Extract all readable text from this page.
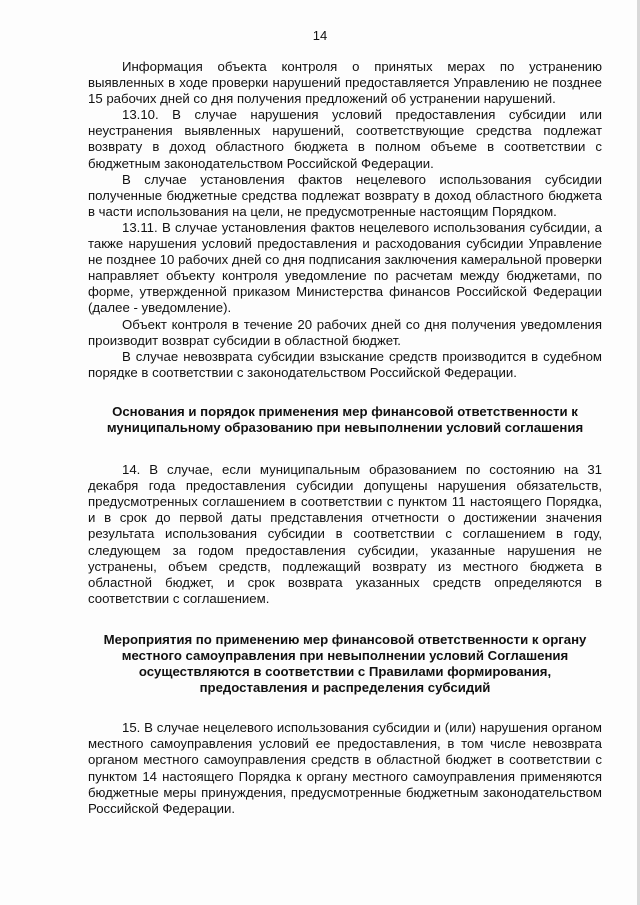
14

Информация объекта контроля о принятых мерах по устранению выявленных в ходе проверки нарушений предоставляется Управлению не позднее 15 рабочих дней со дня получения предложений об устранении нарушений.

13.10. В случае нарушения условий предоставления субсидии или неустранения выявленных нарушений, соответствующие средства подлежат возврату в доход областного бюджета в полном объеме в соответствии с бюджетным законодательством Российской Федерации.

В случае установления фактов нецелевого использования субсидии полученные бюджетные средства подлежат возврату в доход областного бюджета в части использования на цели, не предусмотренные настоящим Порядком.

13.11. В случае установления фактов нецелевого использования субсидии, а также нарушения условий предоставления и расходования субсидии Управление не позднее 10 рабочих дней со дня подписания заключения камеральной проверки направляет объекту контроля уведомление по расчетам между бюджетами, по форме, утвержденной приказом Министерства финансов Российской Федерации (далее - уведомление).

Объект контроля в течение 20 рабочих дней со дня получения уведомления производит возврат субсидии в областной бюджет.

В случае невозврата субсидии взыскание средств производится в судебном порядке в соответствии с законодательством Российской Федерации.

Основания и порядок применения мер финансовой ответственности к муниципальному образованию при невыполнении условий соглашения

14. В случае, если муниципальным образованием по состоянию на 31 декабря года предоставления субсидии допущены нарушения обязательств, предусмотренных соглашением в соответствии с пунктом 11 настоящего Порядка, и в срок до первой даты представления отчетности о достижении значения результата использования субсидии в соответствии с соглашением в году, следующем за годом предоставления субсидии, указанные нарушения не устранены, объем средств, подлежащий возврату из местного бюджета в областной бюджет, и срок возврата указанных средств определяются в соответствии с соглашением.

Мероприятия по применению мер финансовой ответственности к органу местного самоуправления при невыполнении условий Соглашения осуществляются в соответствии с Правилами формирования, предоставления и распределения субсидий

15. В случае нецелевого использования субсидии и (или) нарушения органом местного самоуправления условий ее предоставления, в том числе невозврата органом местного самоуправления средств в областной бюджет в соответствии с пунктом 14 настоящего Порядка к органу местного самоуправления применяются бюджетные меры принуждения, предусмотренные бюджетным законодательством Российской Федерации.
